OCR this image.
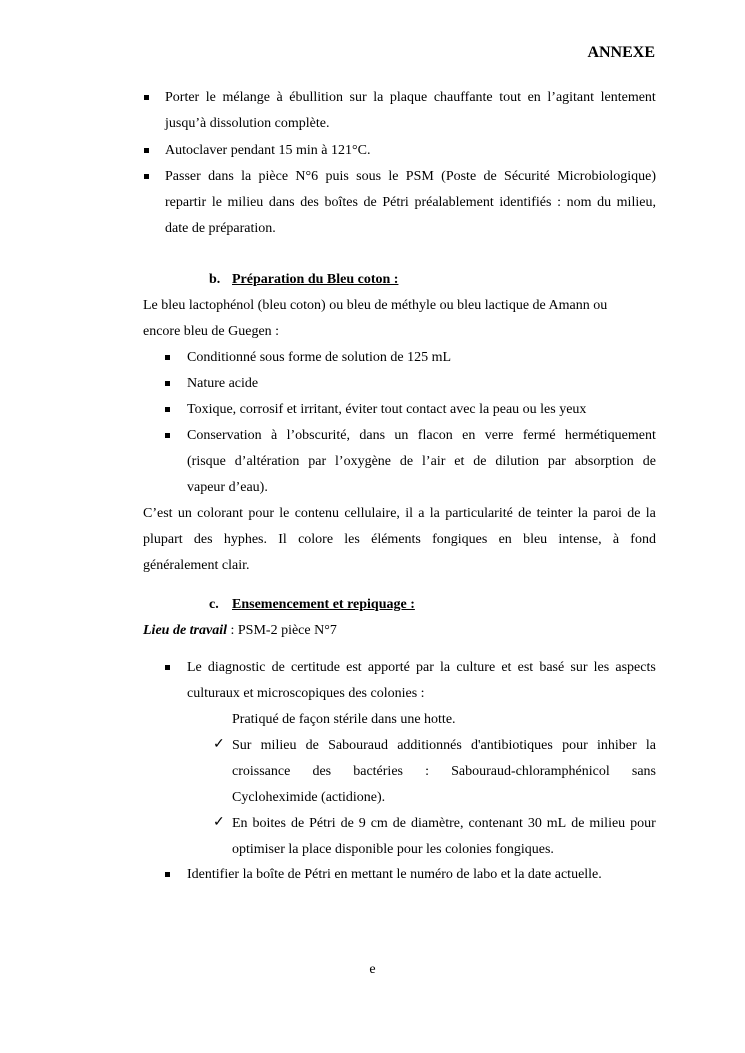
ANNEXE
Porter le mélange à ébullition sur la plaque chauffante tout en l’agitant lentement
jusqu’à dissolution complète.
Autoclaver pendant 15 min à 121°C.
Passer dans la pièce N°6 puis sous le PSM (Poste de Sécurité Microbiologique)
repartir le milieu dans des boîtes de Pétri préalablement identifiés : nom du milieu,
date de préparation.
b. Préparation du Bleu coton :
Le bleu lactophénol (bleu coton) ou bleu de méthyle ou bleu lactique de Amann ou
encore bleu de Guegen :
Conditionné sous forme de solution de 125 mL
Nature acide
Toxique, corrosif et irritant, éviter tout contact avec la peau ou les yeux
Conservation à l’obscurité, dans un flacon en verre fermé hermétiquement
(risque d’altération par l’oxygène de l’air et de dilution par absorption de
vapeur d’eau).
C’est un colorant pour le contenu cellulaire, il a la particularité de teinter la paroi de la
plupart des hyphes. Il colore les éléments fongiques en bleu intense, à fond
généralement clair.
c. Ensemencement et repiquage :
Lieu de travail : PSM-2 pièce N°7
Le diagnostic de certitude est apporté par la culture et est basé sur les aspects
culturaux et microscopiques des colonies :
Pratiqué de façon stérile dans une hotte.
✓ Sur milieu de Sabouraud additionnés d'antibiotiques pour inhiber la
croissance des bactéries : Sabouraud-chloramphénicol sans
Cycloheximide (actidione).
✓ En boites de Pétri de 9 cm de diamètre, contenant 30 mL de milieu pour
optimiser la place disponible pour les colonies fongiques.
Identifier la boîte de Pétri en mettant le numéro de labo et la date actuelle.
e
